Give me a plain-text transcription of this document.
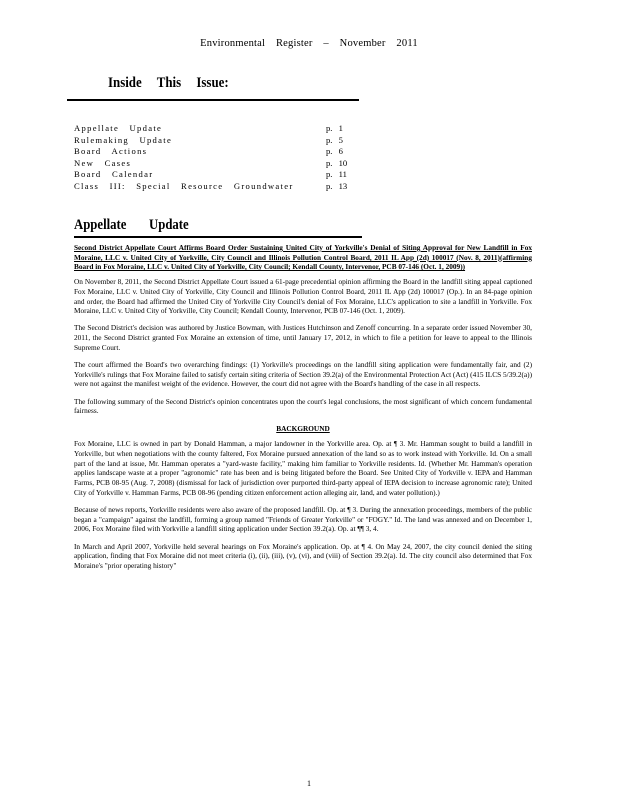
Environmental Register – November 2011
Inside This Issue:
Appellate Update	p. 1
Rulemaking Update	p. 5
Board Actions	p. 6
New Cases	p. 10
Board Calendar	p. 11
Class III: Special Resource Groundwater	p. 13
Appellate Update

Second District Appellate Court Affirms Board Order Sustaining United City of Yorkville's Denial of Siting Approval for New Landfill in Fox Moraine, LLC v. United City of Yorkville, City Council and Illinois Pollution Control Board, 2011 IL App (2d) 100017 (Nov. 8, 2011)(affirming Board in Fox Moraine, LLC v. United City of Yorkville, City Council; Kendall County, Intervenor, PCB 07-146 (Oct. 1, 2009))

On November 8, 2011, the Second District Appellate Court issued a 61-page precedential opinion affirming the Board in the landfill siting appeal captioned Fox Moraine, LLC v. United City of Yorkville, City Council and Illinois Pollution Control Board, 2011 IL App (2d) 100017 (Op.). In an 84-page opinion and order, the Board had affirmed the United City of Yorkville City Council's denial of Fox Moraine, LLC's application to site a landfill in Yorkville. Fox Moraine, LLC v. United City of Yorkville, City Council; Kendall County, Intervenor, PCB 07-146 (Oct. 1, 2009).

The Second District's decision was authored by Justice Bowman, with Justices Hutchinson and Zenoff concurring. In a separate order issued November 30, 2011, the Second District granted Fox Moraine an extension of time, until January 17, 2012, in which to file a petition for leave to appeal to the Illinois Supreme Court.

The court affirmed the Board's two overarching findings: (1) Yorkville's proceedings on the landfill siting application were fundamentally fair, and (2) Yorkville's rulings that Fox Moraine failed to satisfy certain siting criteria of Section 39.2(a) of the Environmental Protection Act (Act) (415 ILCS 5/39.2(a)) were not against the manifest weight of the evidence. However, the court did not agree with the Board's handling of the case in all respects.

The following summary of the Second District's opinion concentrates upon the court's legal conclusions, the most significant of which concern fundamental fairness.

BACKGROUND

Fox Moraine, LLC is owned in part by Donald Hamman, a major landowner in the Yorkville area. Op. at ¶ 3. Mr. Hamman sought to build a landfill in Yorkville, but when negotiations with the county faltered, Fox Moraine pursued annexation of the land so as to work instead with Yorkville. Id. On a small part of the land at issue, Mr. Hamman operates a "yard-waste facility," making him familiar to Yorkville residents. Id. (Whether Mr. Hamman's operation applies landscape waste at a proper "agronomic" rate has been and is being litigated before the Board. See United City of Yorkville v. IEPA and Hamman Farms, PCB 08-95 (Aug. 7, 2008) (dismissal for lack of jurisdiction over purported third-party appeal of IEPA decision to increase agronomic rate); United City of Yorkville v. Hamman Farms, PCB 08-96 (pending citizen enforcement action alleging air, land, and water pollution).)

Because of news reports, Yorkville residents were also aware of the proposed landfill. Op. at ¶ 3. During the annexation proceedings, members of the public began a "campaign" against the landfill, forming a group named "Friends of Greater Yorkville" or "FOGY." Id. The land was annexed and on December 1, 2006, Fox Moraine filed with Yorkville a landfill siting application under Section 39.2(a). Op. at ¶¶ 3, 4.

In March and April 2007, Yorkville held several hearings on Fox Moraine's application. Op. at ¶ 4. On May 24, 2007, the city council denied the siting application, finding that Fox Moraine did not meet criteria (i), (ii), (iii), (v), (vi), and (viii) of Section 39.2(a). Id. The city council also determined that Fox Moraine's "prior operating history"

1
